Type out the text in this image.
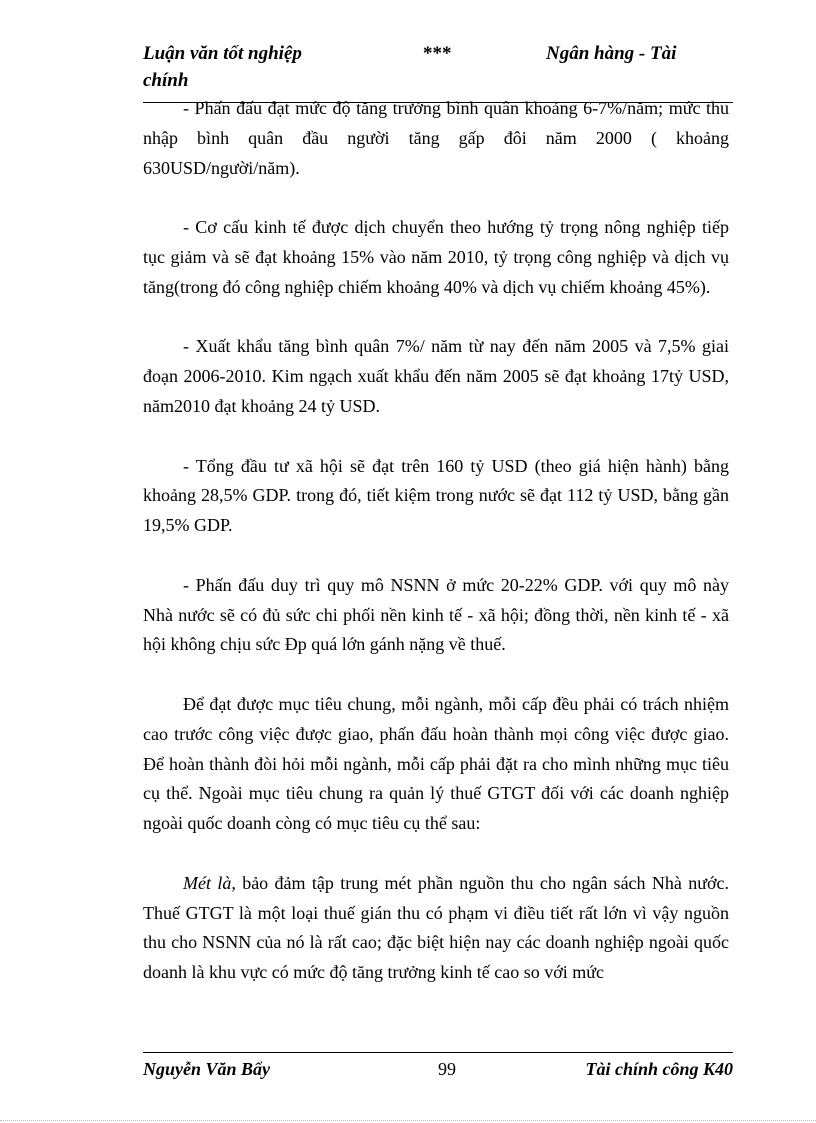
Luận văn tốt nghiệp chính
***	Ngân hàng - Tài

- Phấn đấu đạt mức độ tăng trưởng bình quân khoảng 6-7%/năm; mức thu nhập bình quân đầu người tăng gấp đôi năm 2000 ( khoảng 630USD/người/năm).

- Cơ cấu kinh tế được dịch chuyển theo hướng tỷ trọng nông nghiệp tiếp tục giảm và sẽ đạt khoảng 15% vào năm 2010, tỷ trọng công nghiệp và dịch vụ tăng(trong đó công nghiệp chiếm khoảng 40% và dịch vụ chiếm khoảng 45%).

- Xuất khẩu tăng bình quân 7%/ năm từ nay đến năm 2005 và 7,5% giai đoạn 2006-2010. Kim ngạch xuất khẩu đến năm 2005 sẽ đạt khoảng 17tỷ USD, năm2010 đạt khoảng 24 tỷ USD.

- Tổng đầu tư xã hội sẽ đạt trên 160 tỷ USD (theo giá hiện hành) bằng khoảng 28,5% GDP. trong đó, tiết kiệm trong nước sẽ đạt 112 tỷ USD, bằng gần 19,5% GDP.

- Phấn đấu duy trì quy mô NSNN ở mức 20-22% GDP. với quy mô này Nhà nước sẽ có đủ sức chi phối nền kinh tế - xã hội; đồng thời, nền kinh tế - xã hội không chịu sức Ðp quá lớn gánh nặng về thuế.

Để đạt được mục tiêu chung, mỗi ngành, mỗi cấp đều phải có trách nhiệm cao trước công việc được giao, phấn đấu hoàn thành mọi công việc được giao. Để hoàn thành đòi hỏi mỗi ngành, mỗi cấp phải đặt ra cho mình những mục tiêu cụ thể. Ngoài mục tiêu chung ra quản lý thuế GTGT đối với các doanh nghiệp ngoài quốc doanh còng có mục tiêu cụ thể sau:

Mét là, bảo đảm tập trung mét phần nguồn thu cho ngân sách Nhà nước. Thuế GTGT là một loại thuế gián thu có phạm vi điều tiết rất lớn vì vậy nguồn thu cho NSNN của nó là rất cao; đặc biệt hiện nay các doanh nghiệp ngoài quốc doanh là khu vực có mức độ tăng trưởng kinh tế cao so với mức

Nguyễn Văn Bẩy	99	Tài chính công K40
